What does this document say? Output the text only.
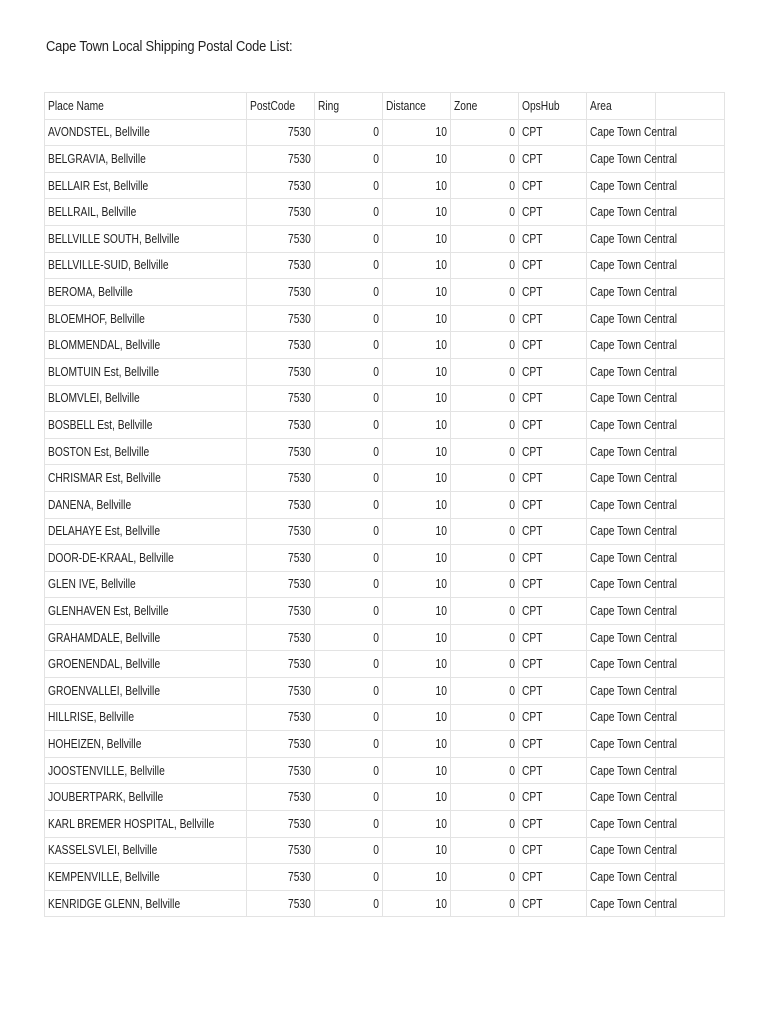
Cape Town Local Shipping Postal Code List:
Place Name	PostCode	Ring	Distance	Zone	OpsHub	Area	
AVONDSTEL, Bellville	7530	0	10	0	CPT	Cape Town Central	
BELGRAVIA, Bellville	7530	0	10	0	CPT	Cape Town Central	
BELLAIR Est, Bellville	7530	0	10	0	CPT	Cape Town Central	
BELLRAIL, Bellville	7530	0	10	0	CPT	Cape Town Central	
BELLVILLE SOUTH, Bellville	7530	0	10	0	CPT	Cape Town Central	
BELLVILLE-SUID, Bellville	7530	0	10	0	CPT	Cape Town Central	
BEROMA, Bellville	7530	0	10	0	CPT	Cape Town Central	
BLOEMHOF, Bellville	7530	0	10	0	CPT	Cape Town Central	
BLOMMENDAL, Bellville	7530	0	10	0	CPT	Cape Town Central	
BLOMTUIN Est, Bellville	7530	0	10	0	CPT	Cape Town Central	
BLOMVLEI, Bellville	7530	0	10	0	CPT	Cape Town Central	
BOSBELL Est, Bellville	7530	0	10	0	CPT	Cape Town Central	
BOSTON Est, Bellville	7530	0	10	0	CPT	Cape Town Central	
CHRISMAR Est, Bellville	7530	0	10	0	CPT	Cape Town Central	
DANENA, Bellville	7530	0	10	0	CPT	Cape Town Central	
DELAHAYE Est, Bellville	7530	0	10	0	CPT	Cape Town Central	
DOOR-DE-KRAAL, Bellville	7530	0	10	0	CPT	Cape Town Central	
GLEN IVE, Bellville	7530	0	10	0	CPT	Cape Town Central	
GLENHAVEN Est, Bellville	7530	0	10	0	CPT	Cape Town Central	
GRAHAMDALE, Bellville	7530	0	10	0	CPT	Cape Town Central	
GROENENDAL, Bellville	7530	0	10	0	CPT	Cape Town Central	
GROENVALLEI, Bellville	7530	0	10	0	CPT	Cape Town Central	
HILLRISE, Bellville	7530	0	10	0	CPT	Cape Town Central	
HOHEIZEN, Bellville	7530	0	10	0	CPT	Cape Town Central	
JOOSTENVILLE, Bellville	7530	0	10	0	CPT	Cape Town Central	
JOUBERTPARK, Bellville	7530	0	10	0	CPT	Cape Town Central	
KARL BREMER HOSPITAL, Bellville	7530	0	10	0	CPT	Cape Town Central	
KASSELSVLEI, Bellville	7530	0	10	0	CPT	Cape Town Central	
KEMPENVILLE, Bellville	7530	0	10	0	CPT	Cape Town Central	
KENRIDGE GLENN, Bellville	7530	0	10	0	CPT	Cape Town Central	
